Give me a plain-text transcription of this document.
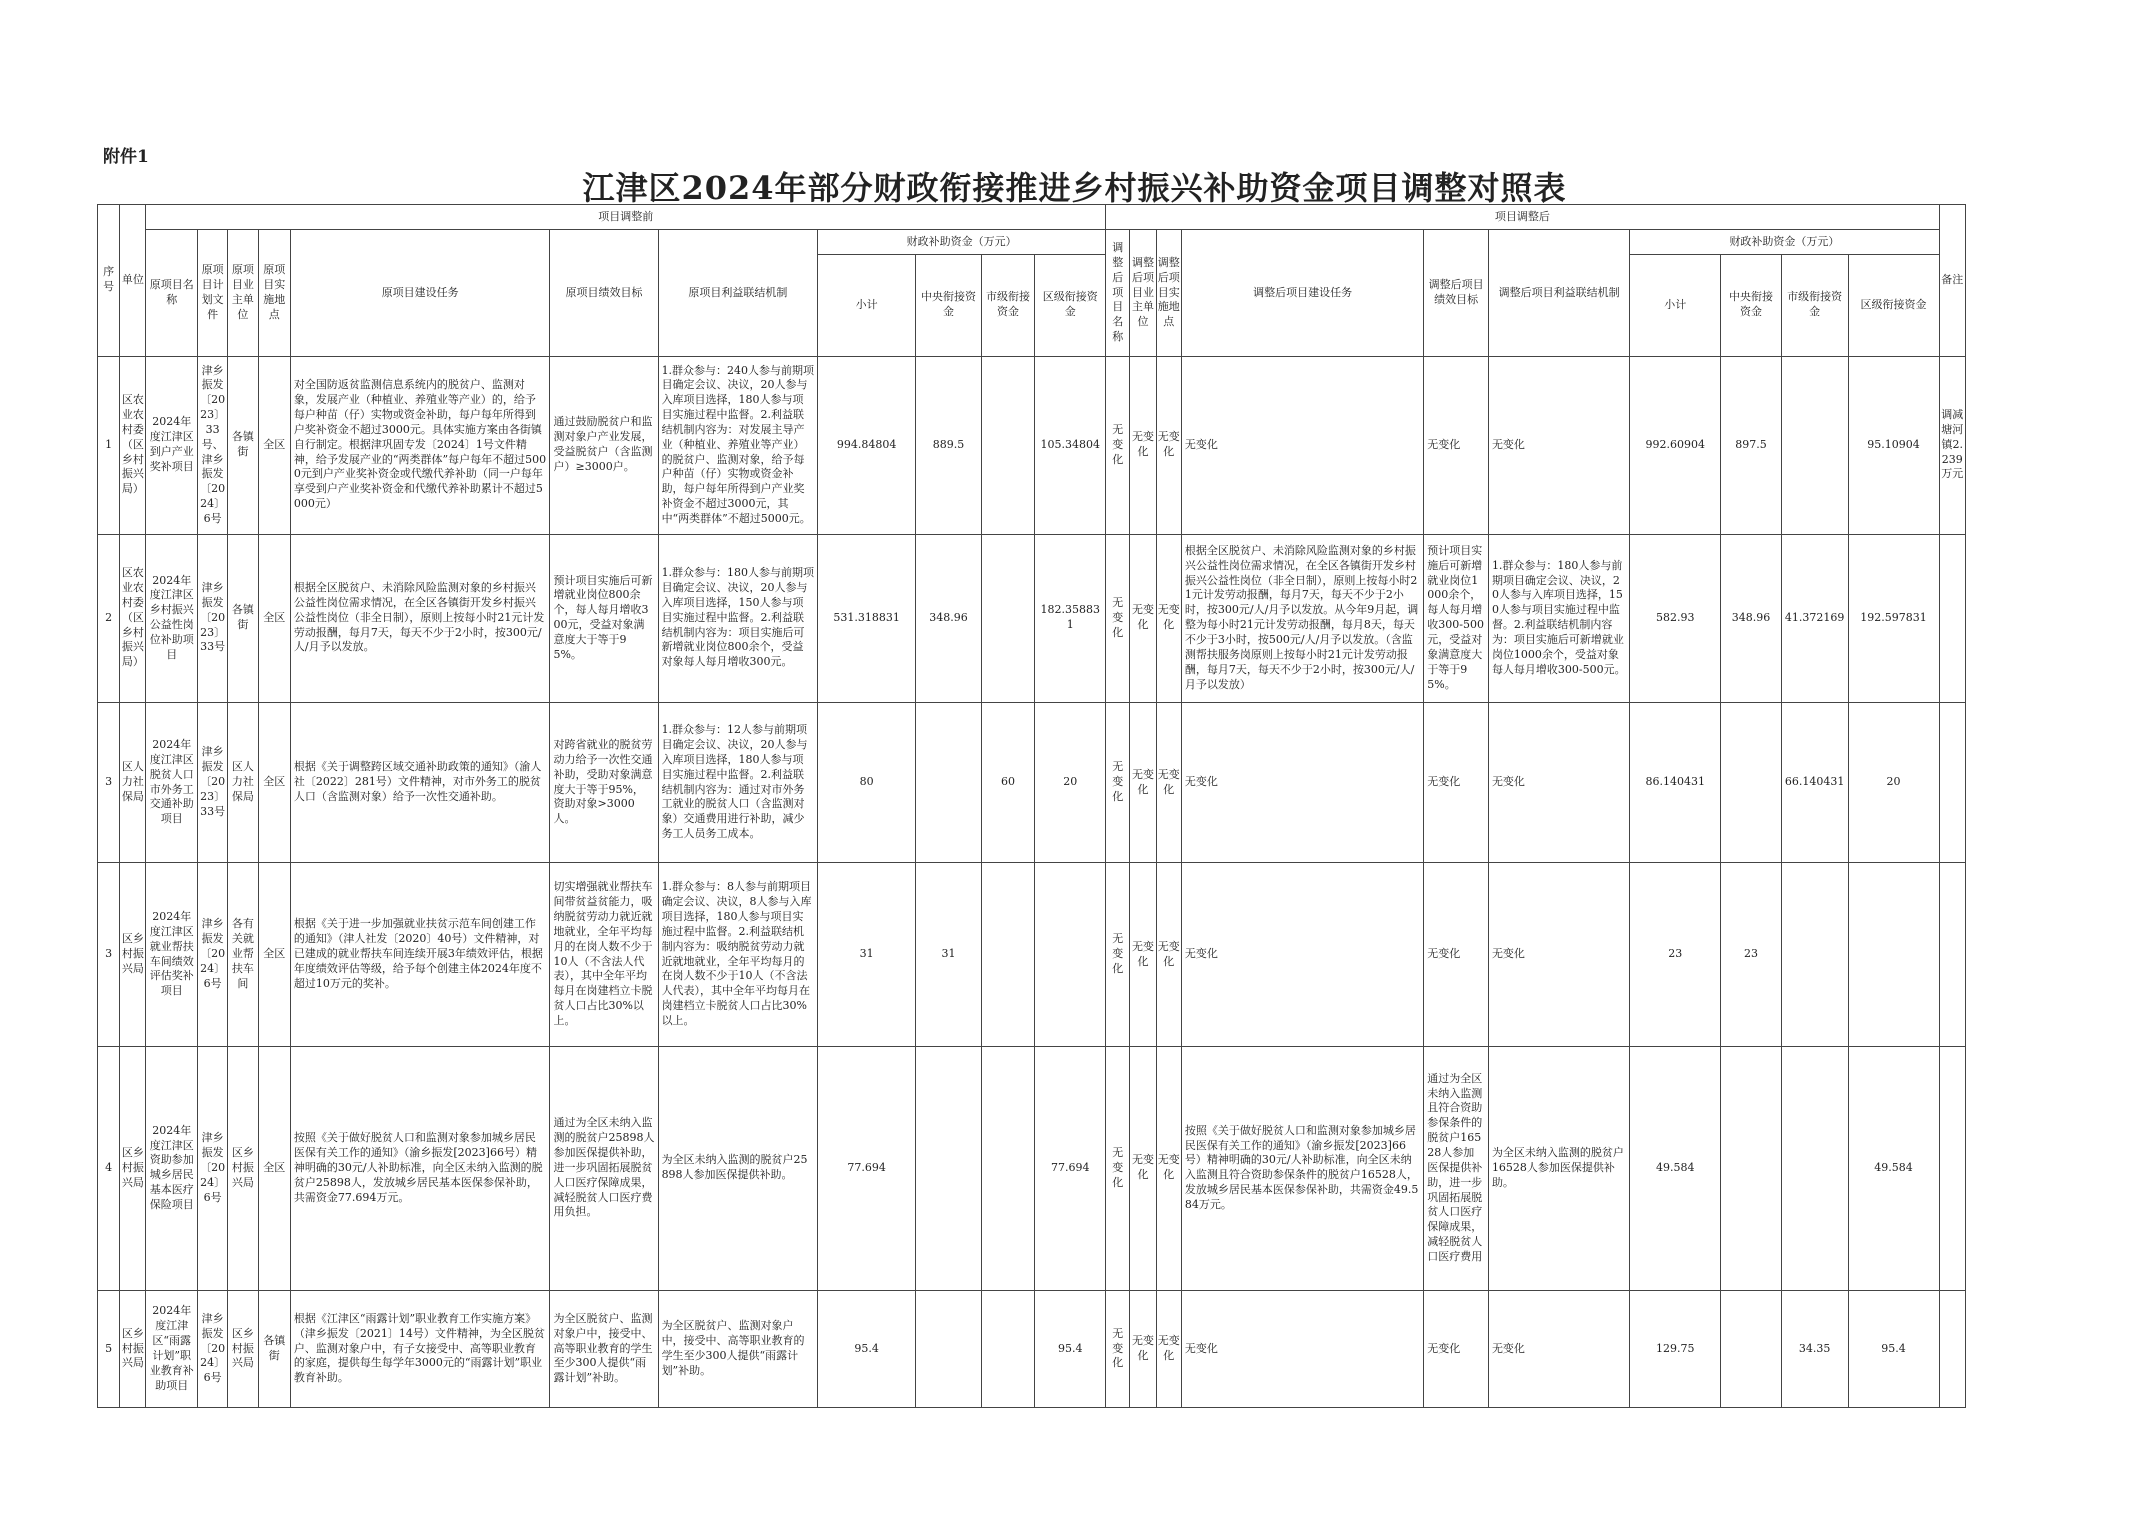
附件1
江津区2024年部分财政衔接推进乡村振兴补助资金项目调整对照表
序号	单位	项目调整前											项目调整后										备注
		原项目名称	原项目计划文件	原项目业主单位	原项目实施地点	原项目建设任务	原项目绩效目标	原项目利益联结机制	财政补助资金（万元）				调整后项目名称	调整后项目业主单位	调整后项目实施地点	调整后项目建设任务	调整后项目绩效目标	调整后项目利益联结机制	财政补助资金（万元）				
									小计	中央衔接资金	市级衔接资金	区级衔接资金							小计	中央衔接资金	市级衔接资金	区级衔接资金	
1	区农业农村委（区乡村振兴局）	2024年度江津区到户产业奖补项目	津乡振发〔2023〕33号、津乡振发〔2024〕6号	各镇街	全区	对全国防返贫监测信息系统内的脱贫户、监测对象，发展产业（种植业、养殖业等产业）的，给予每户种苗（仔）实物或资金补助，每户每年所得到户奖补资金不超过3000元。具体实施方案由各街镇自行制定。根据津巩固专发〔2024〕1号文件精神，给予发展产业的“两类群体”每户每年不超过5000元到户产业奖补资金或代缴代养补助（同一户每年享受到户产业奖补资金和代缴代养补助累计不超过5000元）	通过鼓励脱贫户和监测对象户产业发展，受益脱贫户（含监测户）≥3000户。	1.群众参与：240人参与前期项目确定会议、决议，20人参与入库项目选择，180人参与项目实施过程中监督。2.利益联结机制内容为：对发展主导产业（种植业、养殖业等产业）的脱贫户、监测对象，给予每户种苗（仔）实物或资金补助，每户每年所得到户产业奖补资金不超过3000元，其中“两类群体”不超过5000元。	994.84804	889.5		105.34804	无变化	无变化	无变化	无变化	无变化	无变化	992.60904	897.5		95.10904	调减塘河镇2.239万元
2	区农业农村委（区乡村振兴局）	2024年度江津区乡村振兴公益性岗位补助项目	津乡振发〔2023〕33号	各镇街	全区	根据全区脱贫户、未消除风险监测对象的乡村振兴公益性岗位需求情况，在全区各镇街开发乡村振兴公益性岗位（非全日制），原则上按每小时21元计发劳动报酬，每月7天，每天不少于2小时，按300元/人/月予以发放。	预计项目实施后可新增就业岗位800余个，每人每月增收300元，受益对象满意度大于等于95%。	1.群众参与：180人参与前期项目确定会议、决议，20人参与入库项目选择，150人参与项目实施过程中监督。2.利益联结机制内容为：项目实施后可新增就业岗位800余个，受益对象每人每月增收300元。	531.318831	348.96		182.358831	无变化	无变化	无变化	根据全区脱贫户、未消除风险监测对象的乡村振兴公益性岗位需求情况，在全区各镇街开发乡村振兴公益性岗位（非全日制），原则上按每小时21元计发劳动报酬，每月7天，每天不少于2小时，按300元/人/月予以发放。从今年9月起，调整为每小时21元计发劳动报酬，每月8天，每天不少于3小时，按500元/人/月予以发放。（含监测帮扶服务岗原则上按每小时21元计发劳动报酬，每月7天，每天不少于2小时，按300元/人/月予以发放）	预计项目实施后可新增就业岗位1000余个，每人每月增收300-500元，受益对象满意度大于等于95%。	1.群众参与：180人参与前期项目确定会议、决议，20人参与入库项目选择，150人参与项目实施过程中监督。2.利益联结机制内容为：项目实施后可新增就业岗位1000余个，受益对象每人每月增收300-500元。	582.93	348.96	41.372169	192.597831	
3	区人力社保局	2024年度江津区脱贫人口市外务工交通补助项目	津乡振发〔2023〕33号	区人力社保局	全区	根据《关于调整跨区域交通补助政策的通知》（渝人社〔2022〕281号）文件精神，对市外务工的脱贫人口（含监测对象）给予一次性交通补助。	对跨省就业的脱贫劳动力给予一次性交通补助，受助对象满意度大于等于95%，资助对象>3000人。	1.群众参与：12人参与前期项目确定会议、决议，20人参与入库项目选择，180人参与项目实施过程中监督。2.利益联结机制内容为：通过对市外务工就业的脱贫人口（含监测对象）交通费用进行补助，减少务工人员务工成本。	80		60	20	无变化	无变化	无变化	无变化	无变化	无变化	86.140431		66.140431	20	
3	区乡村振兴局	2024年度江津区就业帮扶车间绩效评估奖补项目	津乡振发〔2024〕6号	各有关就业帮扶车间	全区	根据《关于进一步加强就业扶贫示范车间创建工作的通知》（津人社发〔2020〕40号）文件精神，对已建成的就业帮扶车间连续开展3年绩效评估，根据年度绩效评估等级，给予每个创建主体2024年度不超过10万元的奖补。	切实增强就业帮扶车间带贫益贫能力，吸纳脱贫劳动力就近就地就业，全年平均每月的在岗人数不少于10人（不含法人代表），其中全年平均每月在岗建档立卡脱贫人口占比30%以上。	1.群众参与：8人参与前期项目确定会议、决议，8人参与入库项目选择，180人参与项目实施过程中监督。2.利益联结机制内容为：吸纳脱贫劳动力就近就地就业，全年平均每月的在岗人数不少于10人（不含法人代表），其中全年平均每月在岗建档立卡脱贫人口占比30%以上。	31	31			无变化	无变化	无变化	无变化	无变化	无变化	23	23			
4	区乡村振兴局	2024年度江津区资助参加城乡居民基本医疗保险项目	津乡振发〔2024〕6号	区乡村振兴局	全区	按照《关于做好脱贫人口和监测对象参加城乡居民医保有关工作的通知》（渝乡振发[2023]66号）精神明确的30元/人补助标准，向全区未纳入监测的脱贫户25898人，发放城乡居民基本医保参保补助，共需资金77.694万元。	通过为全区未纳入监测的脱贫户25898人参加医保提供补助，进一步巩固拓展脱贫人口医疗保障成果，减轻脱贫人口医疗费用负担。	为全区未纳入监测的脱贫户25898人参加医保提供补助。	77.694			77.694	无变化	无变化	无变化	按照《关于做好脱贫人口和监测对象参加城乡居民医保有关工作的通知》（渝乡振发[2023]66号）精神明确的30元/人补助标准，向全区未纳入监测且符合资助参保条件的脱贫户16528人，发放城乡居民基本医保参保补助，共需资金49.584万元。	通过为全区未纳入监测且符合资助参保条件的脱贫户16528人参加医保提供补助，进一步巩固拓展脱贫人口医疗保障成果，减轻脱贫人口医疗费用	为全区未纳入监测的脱贫户16528人参加医保提供补助。	49.584			49.584	
5	区乡村振兴局	2024年度江津区“雨露计划”职业教育补助项目	津乡振发〔2024〕6号	区乡村振兴局	各镇街	根据《江津区“雨露计划”职业教育工作实施方案》（津乡振发〔2021〕14号）文件精神，为全区脱贫户、监测对象户中，有子女接受中、高等职业教育的家庭，提供每生每学年3000元的“雨露计划”职业教育补助。	为全区脱贫户、监测对象户中，接受中、高等职业教育的学生至少300人提供“雨露计划”补助。	为全区脱贫户、监测对象户中，接受中、高等职业教育的学生至少300人提供“雨露计划”补助。	95.4			95.4	无变化	无变化	无变化	无变化	无变化	无变化	129.75		34.35	95.4	
